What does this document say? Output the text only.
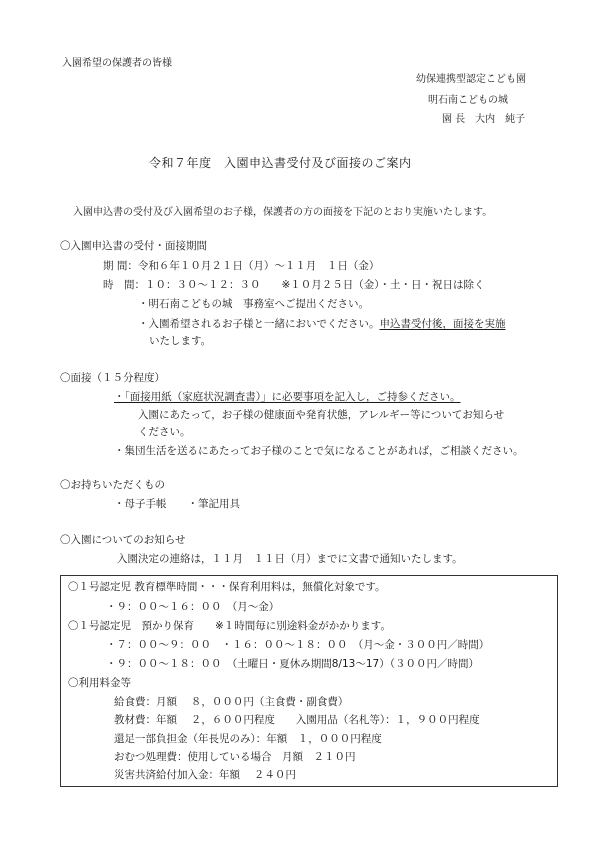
入園希望の保護者の皆様
幼保連携型認定こども園
明石南こどもの城
園 長　大内　純子
令和７年度　入園申込書受付及び面接のご案内
入園申込書の受付及び入園希望のお子様，保護者の方の面接を下記のとおり実施いたします。
〇入園申込書の受付・面接期間
期 間：令和６年１０月２１日（月）～１１月　１日（金）
時　間：１０：３０～１２：３０　　※１０月２５日（金）・土・日・祝日は除く
・明石南こどもの城　事務室へご提出ください。
・入園希望されるお子様と一緒においでください。申込書受付後，面接を実施
いたします。
〇面接（１５分程度）
・「面接用紙（家庭状況調査書）」に必要事項を記入し，ご持参ください。
入園にあたって，お子様の健康面や発育状態，アレルギー等についてお知らせ
ください。
・集団生活を送るにあたってお子様のことで気になることがあれば，ご相談ください。
〇お持ちいただくもの
・母子手帳　　・筆記用具
〇入園についてのお知らせ
入園決定の連絡は，１１月　１１日（月）までに文書で通知いたします。
〇１号認定児 教育標準時間・・・保育利用料は，無償化対象です。
・９：００～１６：００　（月～金）
〇１号認定児　預かり保育　　※１時間毎に別途料金がかかります。
・７：００～９：００　・１６：００～１８：００　（月～金・３００円／時間）
・９：００～１８：００　（土曜日・夏休み期間8/13～17）（３００円／時間）
〇利用料金等
給食費：月額　 ８，０００円（主食費・副食費）
教材費：年額　 ２，６００円程度　　入園用品（名札等）：１，９００円程度
還足一部負担金（年長児のみ）：年額　１，０００円程度
おむつ処理費：使用している場合　月額　２１０円
災害共済給付加入金：年額　 ２４０円
